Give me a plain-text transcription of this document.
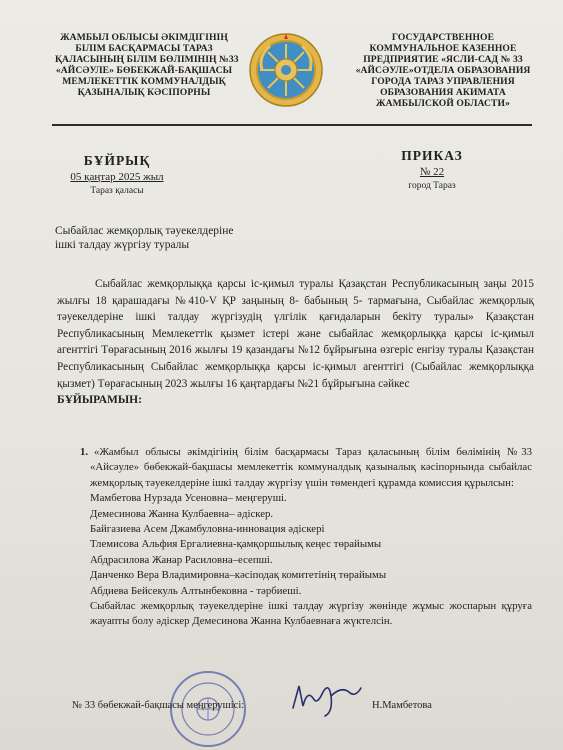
ЖАМБЫЛ ОБЛЫСЫ ӘКІМДІГІНІҢ
БІЛІМ БАСҚАРМАСЫ ТАРАЗ
ҚАЛАСЫНЫҢ БІЛІМ БӨЛІМІНІҢ №33
«АЙСӘУЛЕ» БӨБЕКЖАЙ-БАҚШАСЫ
МЕМЛЕКЕТТІК КОММУНАЛДЫҚ
ҚАЗЫНАЛЫҚ КӘСІПОРНЫ
ГОСУДАРСТВЕННОЕ
КОММУНАЛЬНОЕ КАЗЕННОЕ
ПРЕДПРИЯТИЕ «ЯСЛИ-САД № 33
«АЙСӘУЛЕ»ОТДЕЛА ОБРАЗОВАНИЯ
ГОРОДА ТАРАЗ УПРАВЛЕНИЯ
ОБРАЗОВАНИЯ АКИМАТА
ЖАМБЫЛСКОЙ ОБЛАСТИ»
БҰЙРЫҚ
05 қаңтар 2025 жыл
Тараз қаласы
ПРИКАЗ
№ 22
город Тараз
Сыбайлас жемқорлық тәуекелдеріне
ішкі талдау жүргізу туралы

Сыбайлас жемқорлыққа қарсы іс-қимыл туралы Қазақстан Республикасының заңы 2015 жылғы 18 қарашадағы №410-V ҚР заңының 8- бабының 5- тармағына, Сыбайлас жемқорлық тәуекелдеріне ішкі талдау жүргізудің үлгілік қағидаларын бекіту туралы» Қазақстан Республикасының Мемлекеттік қызмет істері және сыбайлас жемқорлыққа қарсы іс-қимыл агенттігі Төрағасының 2016 жылғы 19 қазандағы №12 бұйрығына өзгеріс енгізу туралы Қазақстан Республикасының Сыбайлас жемқорлыққа қарсы іс-қимыл агенттігі (Сыбайлас жемқорлыққа қызмет) Төрағасының 2023 жылғы 16 қаңтардағы №21 бұйрығына сәйкес
БҰЙЫРАМЫН:

1. «Жамбыл облысы әкімдігінің білім басқармасы Тараз қаласының білім бөлімінің №33 «Айсәуле» бөбекжай-бақшасы мемлекеттік коммуналдық қазыналық кәсіпорнында сыбайлас жемқорлық тәуекелдеріне ішкі талдау жүргізу үшін төмендегі құрамда комиссия құрылсын:
Мамбетова Нурзада Усеновна– меңгеруші.
Демесинова Жанна Кулбаевна– әдіскер.
Байгазиева Асем Джамбуловна-инновация әдіскері
Тлемисова Альфия Ергалиевна-қамқоршылық кеңес төрайымы
Абдрасилова Жанар Расиловна–есепші.
Данченко Вера Владимировна–кәсіподақ комитетінің төрайымы
Абдиева Бейсекуль Алтынбековна - тәрбиеші.
Сыбайлас жемқорлық тәуекелдеріне ішкі талдау жүргізу жөнінде жұмыс жоспарын құруға жауапты болу әдіскер Демесинова Жанна Кулбаевнаға жүктелсін.
№ 33 бөбекжай-бақшасы меңгерушісі:	Н.Мамбетова
